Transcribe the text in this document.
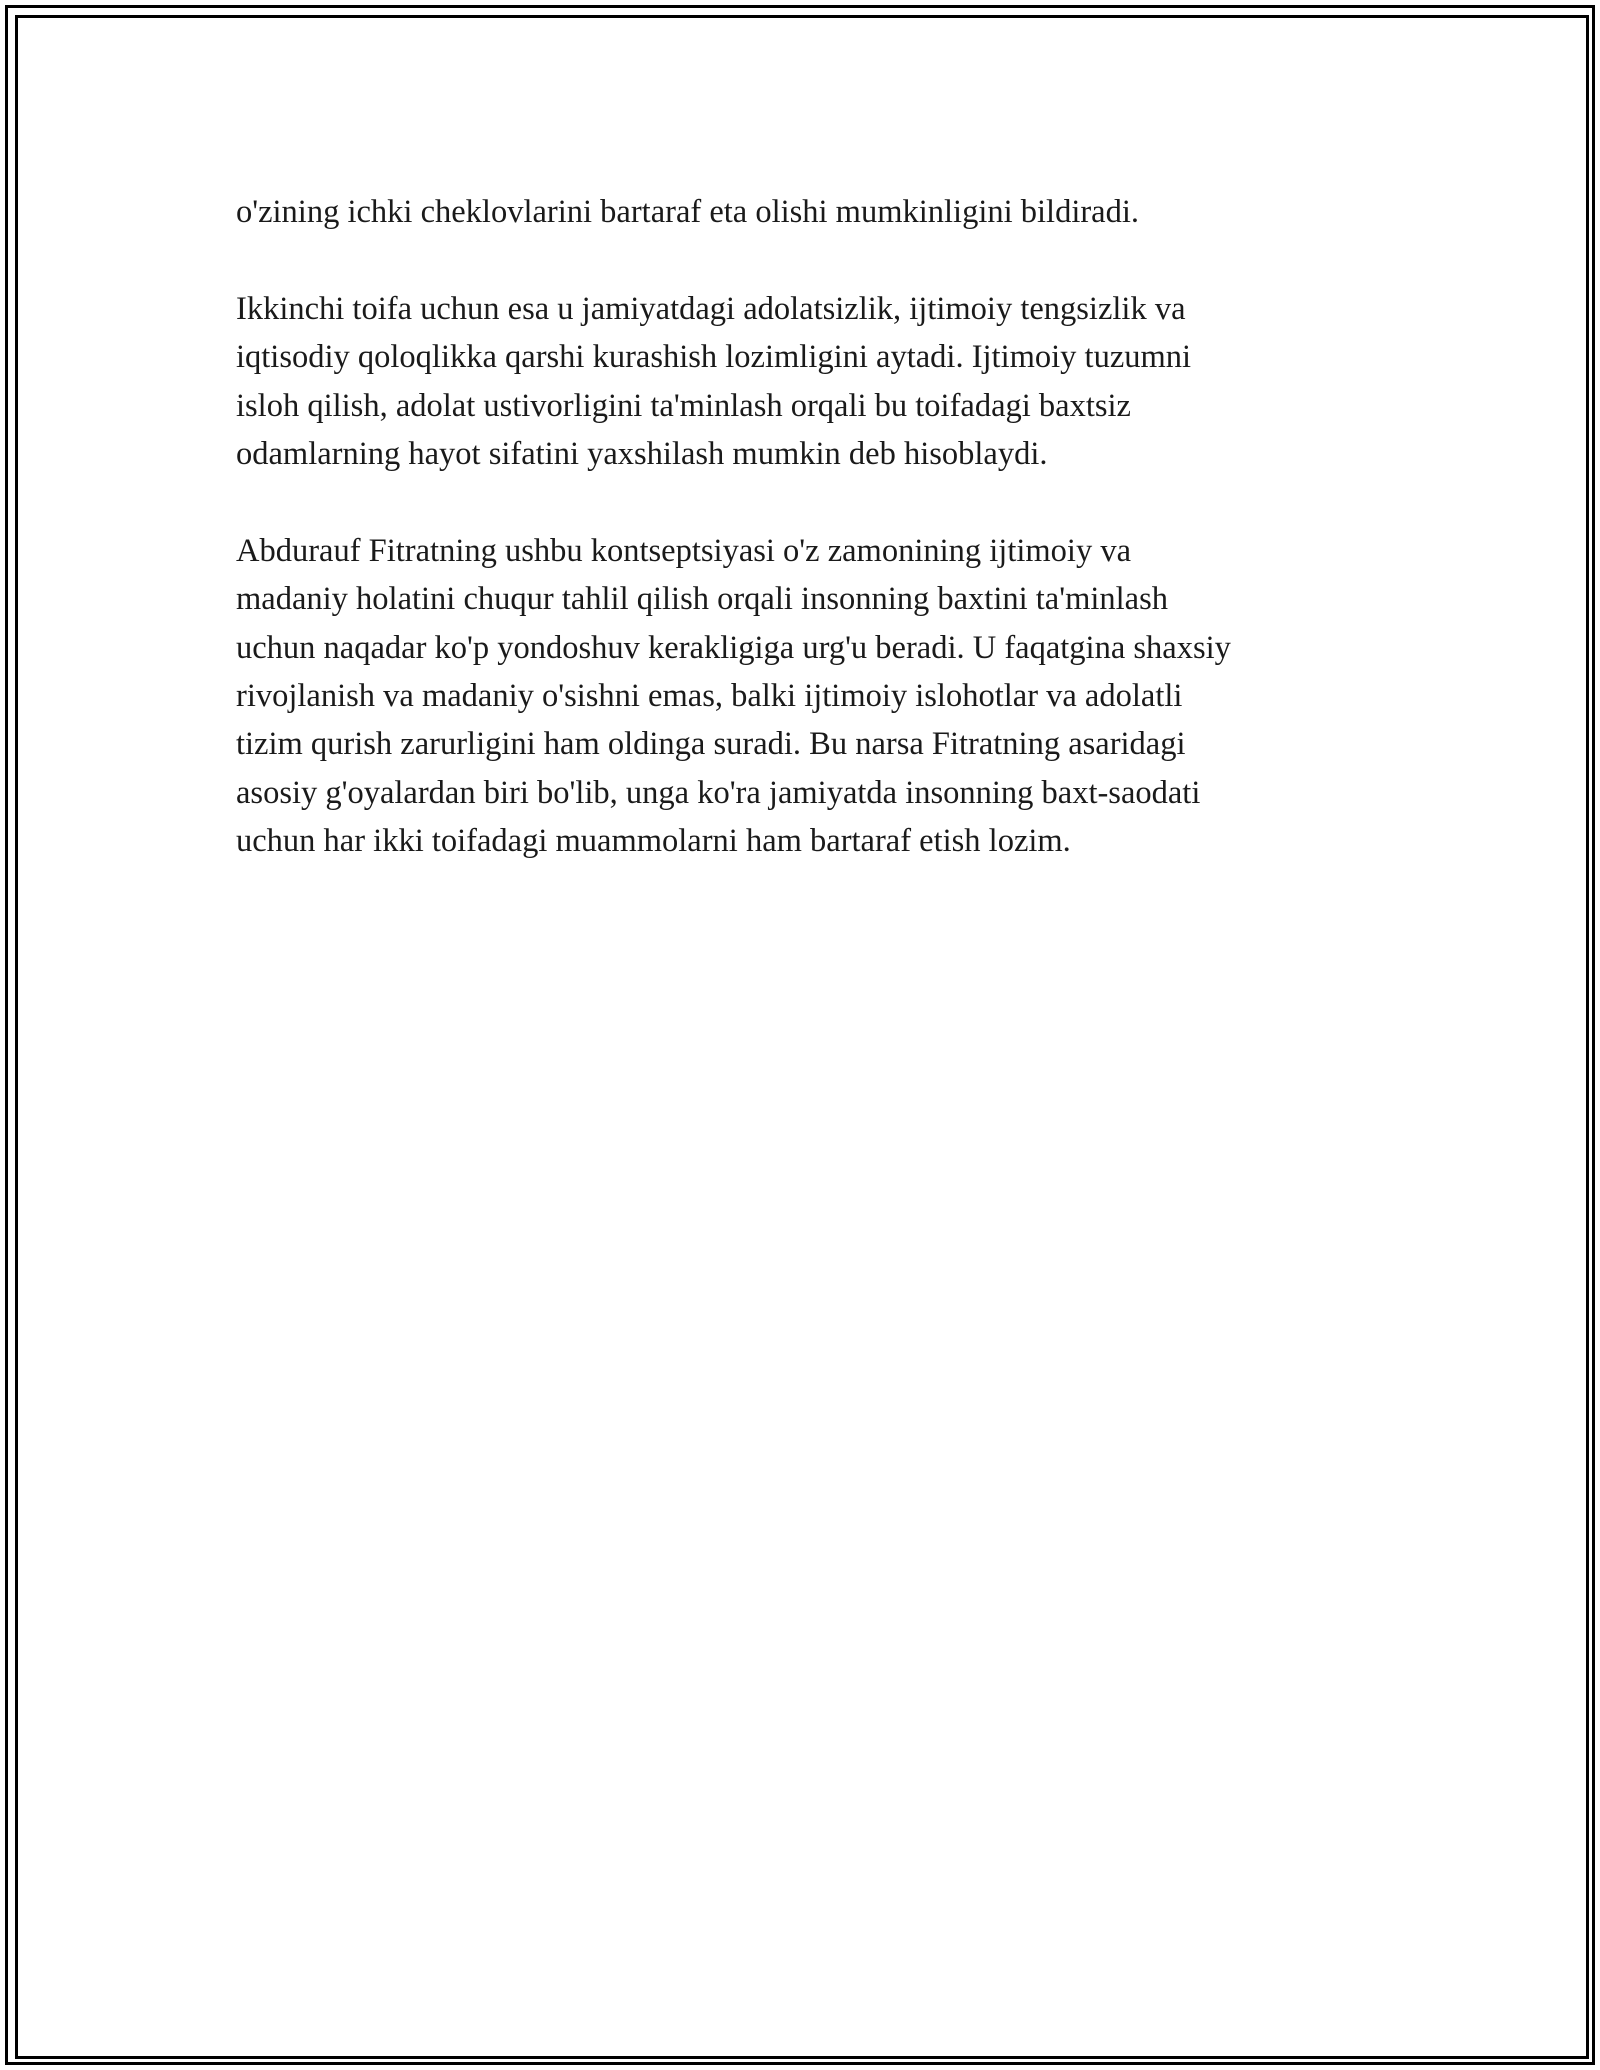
o'zining ichki cheklovlarini bartaraf eta olishi mumkinligini bildiradi.

Ikkinchi toifa uchun esa u jamiyatdagi adolatsizlik, ijtimoiy tengsizlik va
iqtisodiy qoloqlikka qarshi kurashish lozimligini aytadi. Ijtimoiy tuzumni
isloh qilish, adolat ustivorligini ta'minlash orqali bu toifadagi baxtsiz
odamlarning hayot sifatini yaxshilash mumkin deb hisoblaydi.

Abdurauf Fitratning ushbu kontseptsiyasi o'z zamonining ijtimoiy va
madaniy holatini chuqur tahlil qilish orqali insonning baxtini ta'minlash
uchun naqadar ko'p yondoshuv kerakligiga urg'u beradi. U faqatgina shaxsiy
rivojlanish va madaniy o'sishni emas, balki ijtimoiy islohotlar va adolatli
tizim qurish zarurligini ham oldinga suradi. Bu narsa Fitratning asaridagi
asosiy g'oyalardan biri bo'lib, unga ko'ra jamiyatda insonning baxt-saodati
uchun har ikki toifadagi muammolarni ham bartaraf etish lozim.
